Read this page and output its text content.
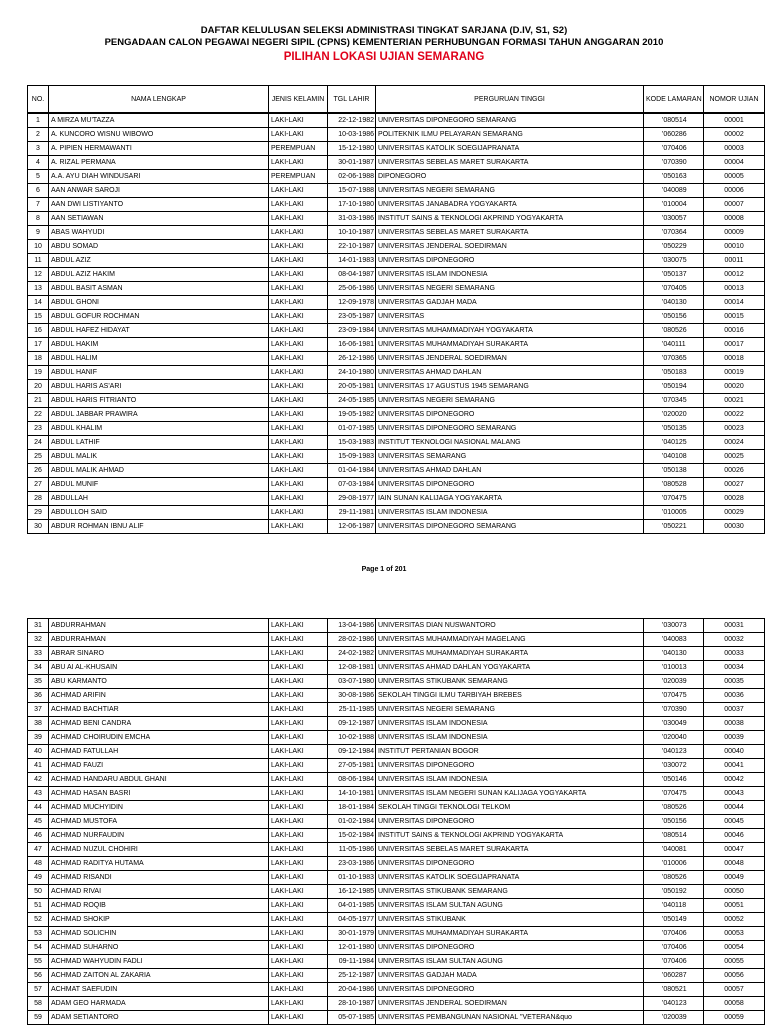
DAFTAR KELULUSAN SELEKSI ADMINISTRASI TINGKAT SARJANA (D.IV, S1, S2)
PENGADAAN CALON PEGAWAI NEGERI SIPIL (CPNS) KEMENTERIAN PERHUBUNGAN FORMASI TAHUN ANGGARAN 2010
PILIHAN LOKASI UJIAN SEMARANG
NO.	NAMA LENGKAP	JENIS KELAMIN	TGL LAHIR	PERGURUAN TINGGI	KODE LAMARAN	NOMOR UJIAN
1	A MIRZA MU'TAZZA	LAKI-LAKI	22-12-1982	UNIVERSITAS DIPONEGORO SEMARANG	'080514	00001
2	A. KUNCORO WISNU WIBOWO	LAKI-LAKI	10-03-1986	POLITEKNIK ILMU PELAYARAN SEMARANG	'060286	00002
3	A. PIPIEN HERMAWANTI	PEREMPUAN	15-12-1980	UNIVERSITAS KATOLIK SOEGIJAPRANATA	'070406	00003
4	A. RIZAL PERMANA	LAKI-LAKI	30-01-1987	UNIVERSITAS SEBELAS MARET SURAKARTA	'070390	00004
5	A.A. AYU DIAH WINDUSARI	PEREMPUAN	02-06-1988	DIPONEGORO	'050163	00005
6	AAN ANWAR SAROJI	LAKI-LAKI	15-07-1988	UNIVERSITAS NEGERI SEMARANG	'040089	00006
7	AAN DWI LISTIYANTO	LAKI-LAKI	17-10-1980	UNIVERSITAS JANABADRA YOGYAKARTA	'010004	00007
8	AAN SETIAWAN	LAKI-LAKI	31-03-1986	INSTITUT SAINS & TEKNOLOGI AKPRIND YOGYAKARTA	'030057	00008
9	ABAS WAHYUDI	LAKI-LAKI	10-10-1987	UNIVERSITAS SEBELAS MARET SURAKARTA	'070364	00009
10	ABDU SOMAD	LAKI-LAKI	22-10-1987	UNIVERSITAS JENDERAL SOEDIRMAN	'050229	00010
11	ABDUL AZIZ	LAKI-LAKI	14-01-1983	UNIVERSITAS DIPONEGORO	'030075	00011
12	ABDUL AZIZ HAKIM	LAKI-LAKI	08-04-1987	UNIVERSITAS ISLAM INDONESIA	'050137	00012
13	ABDUL BASIT ASMAN	LAKI-LAKI	25-06-1986	UNIVERSITAS NEGERI SEMARANG	'070405	00013
14	ABDUL GHONI	LAKI-LAKI	12-09-1978	UNIVERSITAS GADJAH MADA	'040130	00014
15	ABDUL GOFUR ROCHMAN	LAKI-LAKI	23-05-1987	UNIVERSITAS	'050156	00015
16	ABDUL HAFEZ HIDAYAT	LAKI-LAKI	23-09-1984	UNIVERSITAS MUHAMMADIYAH YOGYAKARTA	'080526	00016
17	ABDUL HAKIM	LAKI-LAKI	16-06-1981	UNIVERSITAS MUHAMMADIYAH SURAKARTA	'040111	00017
18	ABDUL HALIM	LAKI-LAKI	26-12-1986	UNIVERSITAS JENDERAL SOEDIRMAN	'070365	00018
19	ABDUL HANIF	LAKI-LAKI	24-10-1980	UNIVERSITAS AHMAD DAHLAN	'050183	00019
20	ABDUL HARIS AS'ARI	LAKI-LAKI	20-05-1981	UNIVERSITAS 17 AGUSTUS 1945 SEMARANG	'050194	00020
21	ABDUL HARIS FITRIANTO	LAKI-LAKI	24-05-1985	UNIVERSITAS NEGERI SEMARANG	'070345	00021
22	ABDUL JABBAR PRAWIRA	LAKI-LAKI	19-05-1982	UNIVERSITAS DIPONEGORO	'020020	00022
23	ABDUL KHALIM	LAKI-LAKI	01-07-1985	UNIVERSITAS DIPONEGORO SEMARANG	'050135	00023
24	ABDUL LATHIF	LAKI-LAKI	15-03-1983	INSTITUT TEKNOLOGI NASIONAL MALANG	'040125	00024
25	ABDUL MALIK	LAKI-LAKI	15-09-1983	UNIVERSITAS SEMARANG	'040108	00025
26	ABDUL MALIK AHMAD	LAKI-LAKI	01-04-1984	UNIVERSITAS AHMAD DAHLAN	'050138	00026
27	ABDUL MUNIF	LAKI-LAKI	07-03-1984	UNIVERSITAS DIPONEGORO	'080528	00027
28	ABDULLAH	LAKI-LAKI	29-08-1977	IAIN SUNAN KALIJAGA YOGYAKARTA	'070475	00028
29	ABDULLOH SAID	LAKI-LAKI	29-11-1981	UNIVERSITAS ISLAM INDONESIA	'010005	00029
30	ABDUR ROHMAN IBNU ALIF	LAKI-LAKI	12-06-1987	UNIVERSITAS DIPONEGORO SEMARANG	'050221	00030
Page 1 of 201
31	ABDURRAHMAN	LAKI-LAKI	13-04-1986	UNIVERSITAS DIAN NUSWANTORO	'030073	00031
32	ABDURRAHMAN	LAKI-LAKI	28-02-1986	UNIVERSITAS MUHAMMADIYAH MAGELANG	'040083	00032
33	ABRAR SINARO	LAKI-LAKI	24-02-1982	UNIVERSITAS MUHAMMADIYAH SURAKARTA	'040130	00033
34	ABU AI AL-KHUSAIN	LAKI-LAKI	12-08-1981	UNIVERSITAS AHMAD DAHLAN YOGYAKARTA	'010013	00034
35	ABU KARMANTO	LAKI-LAKI	03-07-1980	UNIVERSITAS STIKUBANK SEMARANG	'020039	00035
36	ACHMAD ARIFIN	LAKI-LAKI	30-08-1986	SEKOLAH TINGGI ILMU TARBIYAH BREBES	'070475	00036
37	ACHMAD BACHTIAR	LAKI-LAKI	25-11-1985	UNIVERSITAS NEGERI SEMARANG	'070390	00037
38	ACHMAD BENI CANDRA	LAKI-LAKI	09-12-1987	UNIVERSITAS ISLAM INDONESIA	'030049	00038
39	ACHMAD CHOIRUDIN EMCHA	LAKI-LAKI	10-02-1988	UNIVERSITAS ISLAM INDONESIA	'020040	00039
40	ACHMAD FATULLAH	LAKI-LAKI	09-12-1984	INSTITUT PERTANIAN BOGOR	'040123	00040
41	ACHMAD FAUZI	LAKI-LAKI	27-05-1981	UNIVERSITAS DIPONEGORO	'030072	00041
42	ACHMAD HANDARU ABDUL GHANI	LAKI-LAKI	08-06-1984	UNIVERSITAS ISLAM INDONESIA	'050146	00042
43	ACHMAD HASAN BASRI	LAKI-LAKI	14-10-1981	UNIVERSITAS ISLAM NEGERI SUNAN KALIJAGA YOGYAKARTA	'070475	00043
44	ACHMAD MUCHYIDIN	LAKI-LAKI	18-01-1984	SEKOLAH TINGGI TEKNOLOGI TELKOM	'080526	00044
45	ACHMAD MUSTOFA	LAKI-LAKI	01-02-1984	UNIVERSITAS DIPONEGORO	'050156	00045
46	ACHMAD NURFAUDIN	LAKI-LAKI	15-02-1984	INSTITUT SAINS & TEKNOLOGI AKPRIND YOGYAKARTA	'080514	00046
47	ACHMAD NUZUL CHOHIRI	LAKI-LAKI	11-05-1986	UNIVERSITAS SEBELAS MARET SURAKARTA	'040081	00047
48	ACHMAD RADITYA HUTAMA	LAKI-LAKI	23-03-1986	UNIVERSITAS DIPONEGORO	'010006	00048
49	ACHMAD RISANDI	LAKI-LAKI	01-10-1983	UNIVERSITAS KATOLIK SOEGIJAPRANATA	'080526	00049
50	ACHMAD RIVAI	LAKI-LAKI	16-12-1985	UNIVERSITAS STIKUBANK SEMARANG	'050192	00050
51	ACHMAD ROQIB	LAKI-LAKI	04-01-1985	UNIVERSITAS ISLAM SULTAN AGUNG	'040118	00051
52	ACHMAD SHOKIP	LAKI-LAKI	04-05-1977	UNIVERSITAS STIKUBANK	'050149	00052
53	ACHMAD SOLICHIN	LAKI-LAKI	30-01-1979	UNIVERSITAS MUHAMMADIYAH SURAKARTA	'070406	00053
54	ACHMAD SUHARNO	LAKI-LAKI	12-01-1980	UNIVERSITAS DIPONEGORO	'070406	00054
55	ACHMAD WAHYUDIN FADLI	LAKI-LAKI	09-11-1984	UNIVERSITAS ISLAM SULTAN AGUNG	'070406	00055
56	ACHMAD ZAITON AL ZAKARIA	LAKI-LAKI	25-12-1987	UNIVERSITAS GADJAH MADA	'060287	00056
57	ACHMAT SAEFUDIN	LAKI-LAKI	20-04-1986	UNIVERSITAS DIPONEGORO	'080521	00057
58	ADAM GEO HARMADA	LAKI-LAKI	28-10-1987	UNIVERSITAS JENDERAL SOEDIRMAN	'040123	00058
59	ADAM SETIANTORO	LAKI-LAKI	05-07-1985	UNIVERSITAS PEMBANGUNAN NASIONAL "VETERAN&quo	'020039	00059
